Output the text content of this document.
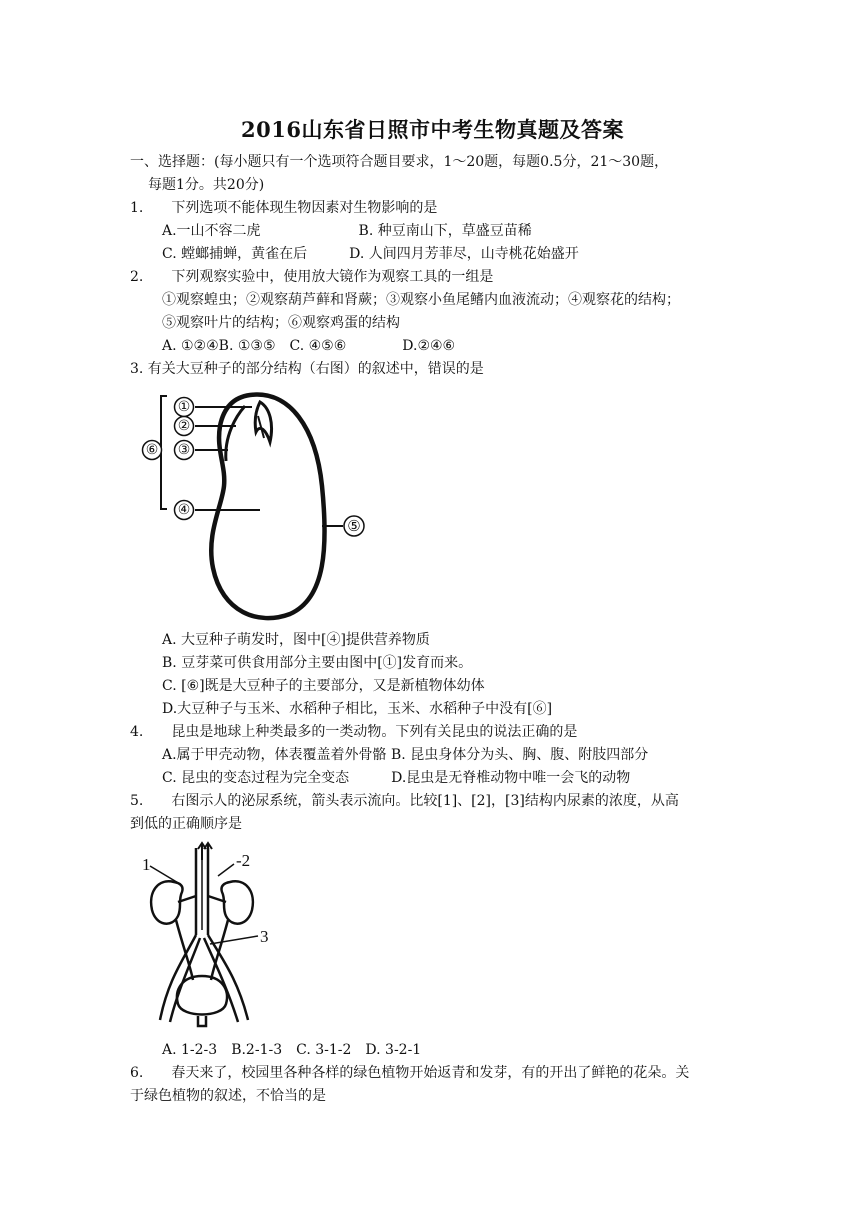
2016山东省日照市中考生物真题及答案
一、选择题：(每小题只有一个选项符合题目要求，1～20题，每题0.5分，21～30题，
每题1分。共20分)
1.　　下列选项不能体现生物因素对生物影响的是
A.一山不容二虎　　　　　　　B. 种豆南山下，草盛豆苗稀
C. 螳螂捕蝉，黄雀在后　　　D. 人间四月芳菲尽，山寺桃花始盛开
2.　　下列观察实验中，使用放大镜作为观察工具的一组是
①观察蝗虫；②观察葫芦藓和肾蕨；③观察小鱼尾鳍内血液流动；④观察花的结构；
⑤观察叶片的结构；⑥观察鸡蛋的结构
A. ①②④B. ①③⑤　C. ④⑤⑥　　　　D.②④⑥
3. 有关大豆种子的部分结构（右图）的叙述中，错误的是
①
②
③
④
⑤
⑥
A. 大豆种子萌发时，图中[④]提供营养物质
B. 豆芽菜可供食用部分主要由图中[①]发育而来。
C. [⑥]既是大豆种子的主要部分，又是新植物体幼体
D.大豆种子与玉米、水稻种子相比，玉米、水稻种子中没有[⑥]
4.　　昆虫是地球上种类最多的一类动物。下列有关昆虫的说法正确的是
A.属于甲壳动物，体表覆盖着外骨骼 B. 昆虫身体分为头、胸、腹、附肢四部分
C. 昆虫的变态过程为完全变态　　　D.昆虫是无脊椎动物中唯一会飞的动物
5.　　右图示人的泌尿系统，箭头表示流向。比较[1]、[2]，[3]结构内尿素的浓度，从高
到低的正确顺序是
1	-2
3
A. 1-2-3　B.2-1-3　C. 3-1-2　D. 3-2-1
6.　　春天来了，校园里各种各样的绿色植物开始返青和发芽，有的开出了鲜艳的花朵。关
于绿色植物的叙述，不恰当的是
